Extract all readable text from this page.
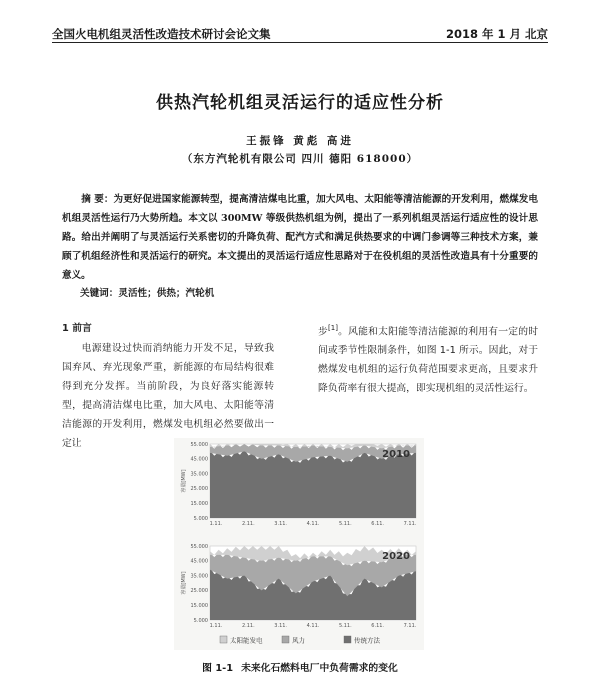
全国火电机组灵活性改造技术研讨会论文集	2018 年 1 月 北京
供热汽轮机组灵活运行的适应性分析
王振锋 黄彪 高进
（东方汽轮机有限公司 四川 德阳 618000）
摘 要：为更好促进国家能源转型，提高清洁煤电比重，加大风电、太阳能等清洁能源的开发利用，燃煤发电机组灵活性运行乃大势所趋。本文以 300MW 等级供热机组为例，提出了一系列机组灵活运行适应性的设计思路。给出并阐明了与灵活运行关系密切的升降负荷、配汽方式和满足供热要求的中调门参调等三种技术方案，兼顾了机组经济性和灵活运行的研究。本文提出的灵活运行适应性思路对于在役机组的灵活性改造具有十分重要的意义。
关键词：灵活性；供热；汽轮机
1 前言
电源建设过快而消纳能力开发不足，导致我国弃风、弃光现象严重，新能源的布局结构很难得到充分发挥。当前阶段，为良好落实能源转型，提高清洁煤电比重，加大风电、太阳能等清洁能源的开发利用，燃煤发电机组必然要做出一定让
步[1]。风能和太阳能等清洁能源的利用有一定的时间或季节性限制条件，如图 1-1 所示。因此，对于燃煤发电机组的运行负荷范围要求更高，且要求升降负荷率有很大提高，即实现机组的灵活性运行。
55.000
45.000
35.000
25.000
15.000
5.000
1.11.	2.11.	3.11.	4.11.	5.11.	6.11.	7.11.
容量[MW]
2010
55.000
45.000
35.000
25.000
15.000
5.000
1.11.	2.11.	3.11.	4.11.	5.11.	6.11.	7.11.
容量[MW]
2020
太阳能发电	风力	传统方法
图 1-1 未来化石燃料电厂中负荷需求的变化
